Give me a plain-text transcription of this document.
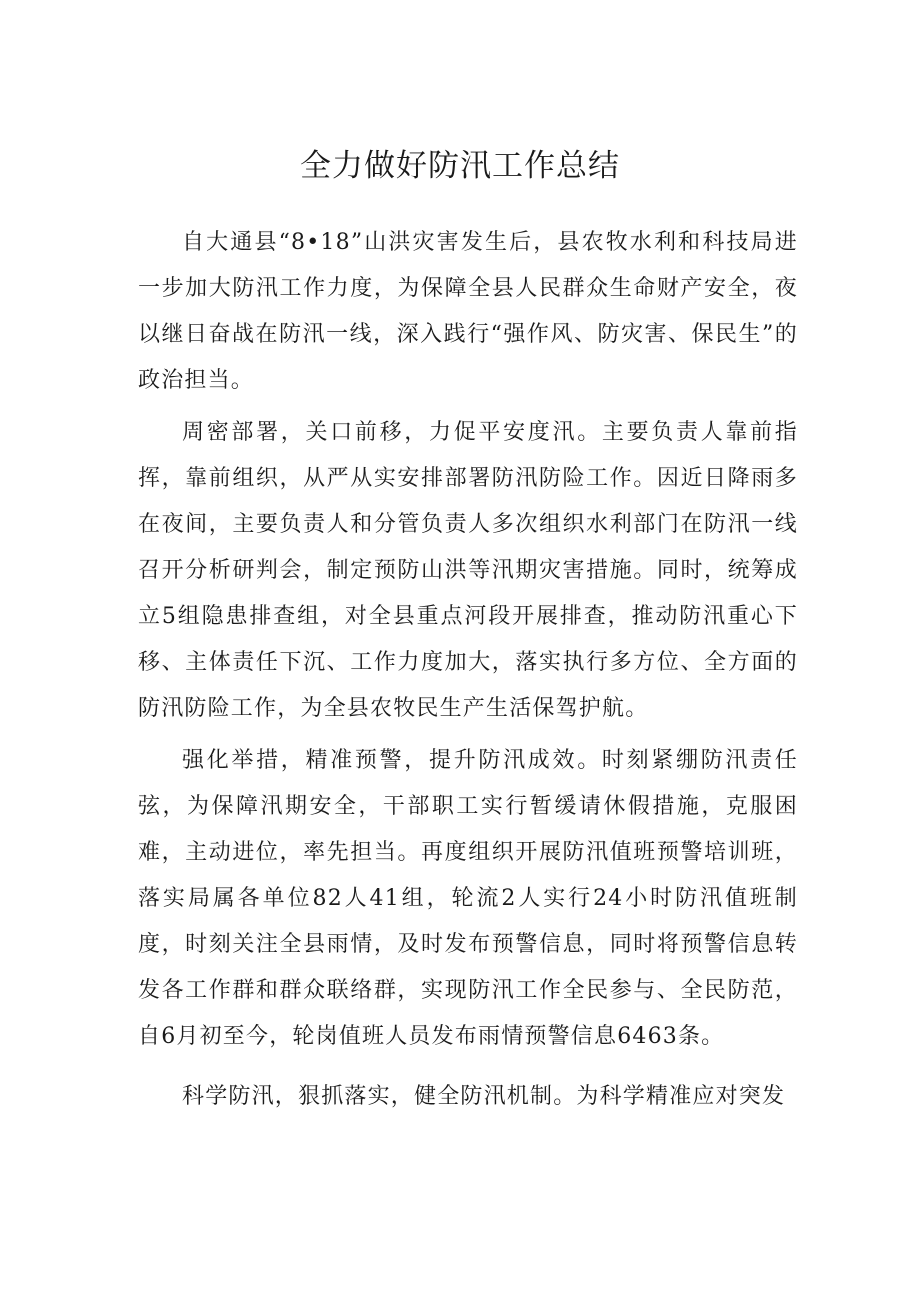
全力做好防汛工作总结

自大通县“8•18”山洪灾害发生后，县农牧水利和科技局进一步加大防汛工作力度，为保障全县人民群众生命财产安全，夜以继日奋战在防汛一线，深入践行“强作风、防灾害、保民生”的政治担当。

周密部署，关口前移，力促平安度汛。主要负责人靠前指挥，靠前组织，从严从实安排部署防汛防险工作。因近日降雨多在夜间，主要负责人和分管负责人多次组织水利部门在防汛一线召开分析研判会，制定预防山洪等汛期灾害措施。同时，统筹成立5组隐患排查组，对全县重点河段开展排查，推动防汛重心下移、主体责任下沉、工作力度加大，落实执行多方位、全方面的防汛防险工作，为全县农牧民生产生活保驾护航。

强化举措，精准预警，提升防汛成效。时刻紧绷防汛责任弦，为保障汛期安全，干部职工实行暂缓请休假措施，克服困难，主动进位，率先担当。再度组织开展防汛值班预警培训班，落实局属各单位82人41组，轮流2人实行24小时防汛值班制度，时刻关注全县雨情，及时发布预警信息，同时将预警信息转发各工作群和群众联络群，实现防汛工作全民参与、全民防范，自6月初至今，轮岗值班人员发布雨情预警信息6463条。

科学防汛，狠抓落实，健全防汛机制。为科学精准应对突发
